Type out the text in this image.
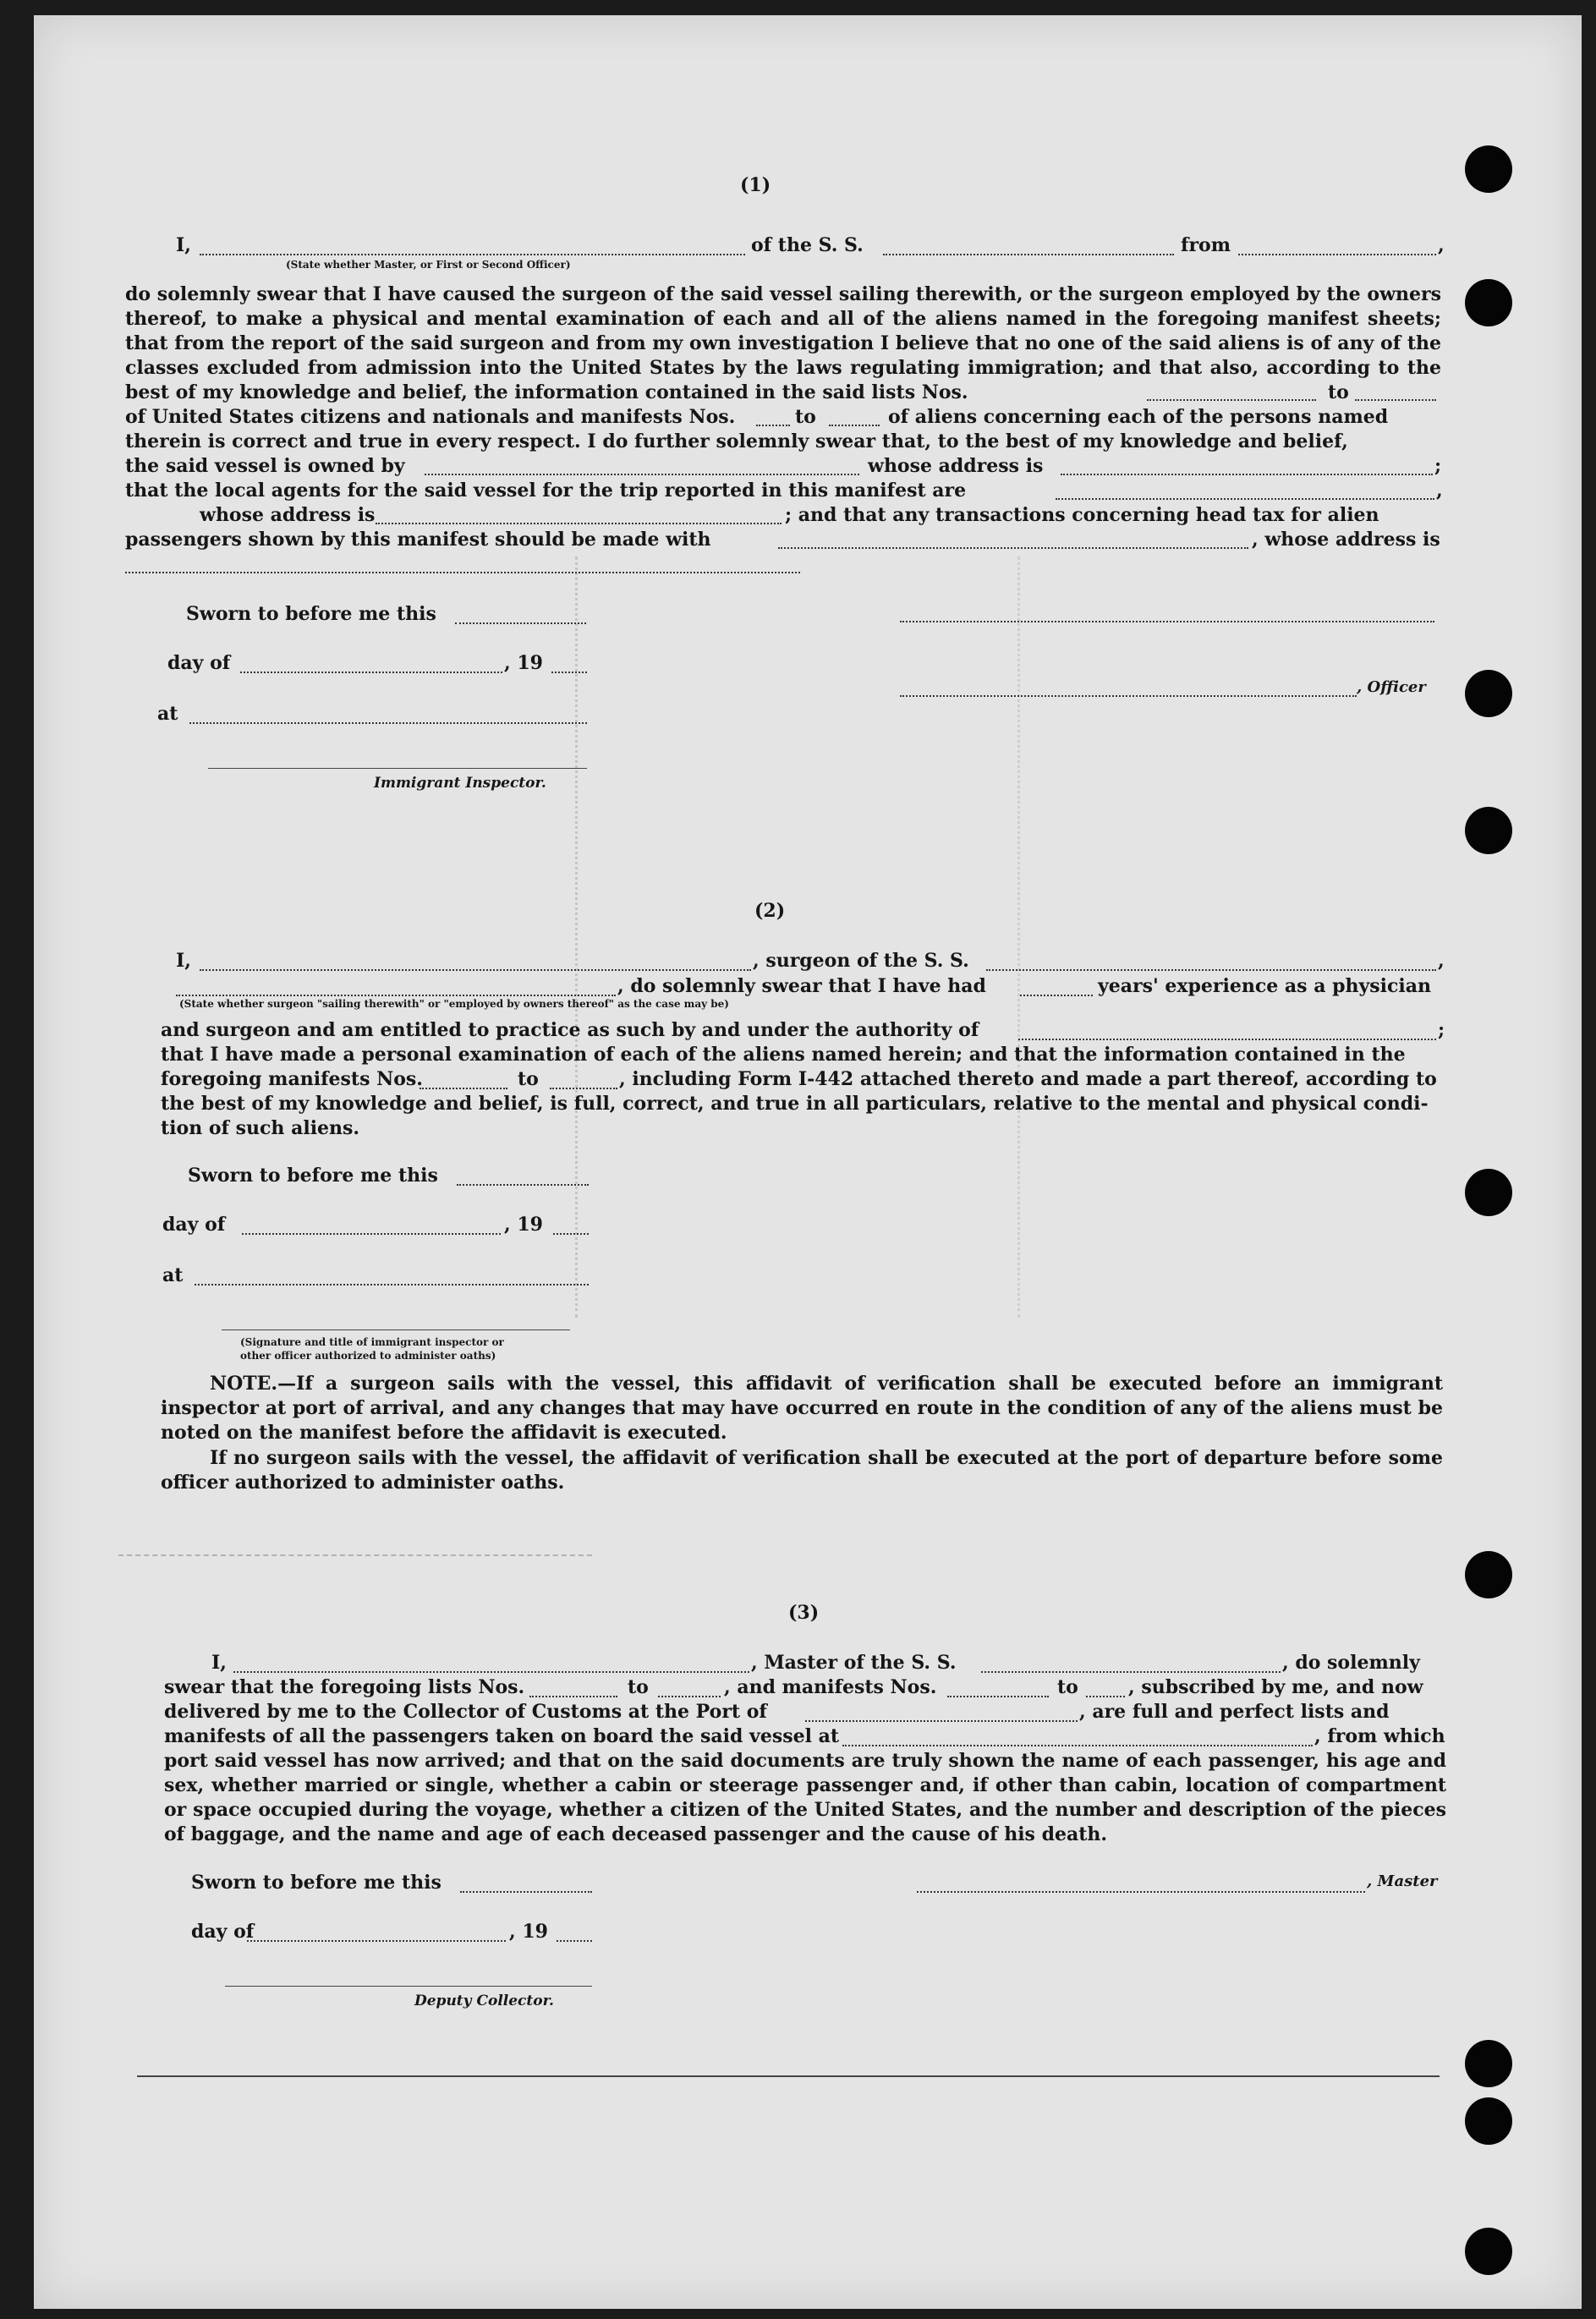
(1)
I,	of the S. S.	from	,
(State whether Master, or First or Second Officer)
do solemnly swear that I have caused the surgeon of the said vessel sailing therewith, or the surgeon employed by the owners thereof, to make a physical and mental examination of each and all of the aliens named in the foregoing manifest sheets; that from the report of the said surgeon and from my own investigation I believe that no one of the said aliens is of any of the classes excluded from admission into the United States by the laws regulating immigration; and that also, according to the best of my knowledge and belief, the information contained in the said lists Nos.	to
of United States citizens and nationals and manifests Nos.	to	of aliens concerning each of the persons named
therein is correct and true in every respect. I do further solemnly swear that, to the best of my knowledge and belief,
the said vessel is owned by	whose address is	;
that the local agents for the said vessel for the trip reported in this manifest are	,
whose address is	; and that any transactions concerning head tax for alien
passengers shown by this manifest should be made with	, whose address is
Sworn to before me this
day of	, 19
, Officer
at
Immigrant Inspector.
(2)
I,	, surgeon of the S. S.	,
, do solemnly swear that I have had	years' experience as a physician
(State whether surgeon "sailing therewith" or "employed by owners thereof" as the case may be)
and surgeon and am entitled to practice as such by and under the authority of	;
that I have made a personal examination of each of the aliens named herein; and that the information contained in the
foregoing manifests Nos.	to	, including Form I-442 attached thereto and made a part thereof, according to
the best of my knowledge and belief, is full, correct, and true in all particulars, relative to the mental and physical condi-
tion of such aliens.
Sworn to before me this
day of	, 19
at
(Signature and title of immigrant inspector or
other officer authorized to administer oaths)
NOTE.—If a surgeon sails with the vessel, this affidavit of verification shall be executed before an immigrant inspector at port of arrival, and any changes that may have occurred en route in the condition of any of the aliens must be noted on the manifest before the affidavit is executed.
If no surgeon sails with the vessel, the affidavit of verification shall be executed at the port of departure before some officer authorized to administer oaths.
(3)
I,	, Master of the S. S.	, do solemnly
swear that the foregoing lists Nos.	to	, and manifests Nos.	to	, subscribed by me, and now
delivered by me to the Collector of Customs at the Port of	, are full and perfect lists and
manifests of all the passengers taken on board the said vessel at	, from which
port said vessel has now arrived; and that on the said documents are truly shown the name of each passenger, his age and sex, whether married or single, whether a cabin or steerage passenger and, if other than cabin, location of compartment or space occupied during the voyage, whether a citizen of the United States, and the number and description of the pieces of baggage, and the name and age of each deceased passenger and the cause of his death.
Sworn to before me this	, Master
day of	, 19
Deputy Collector.
